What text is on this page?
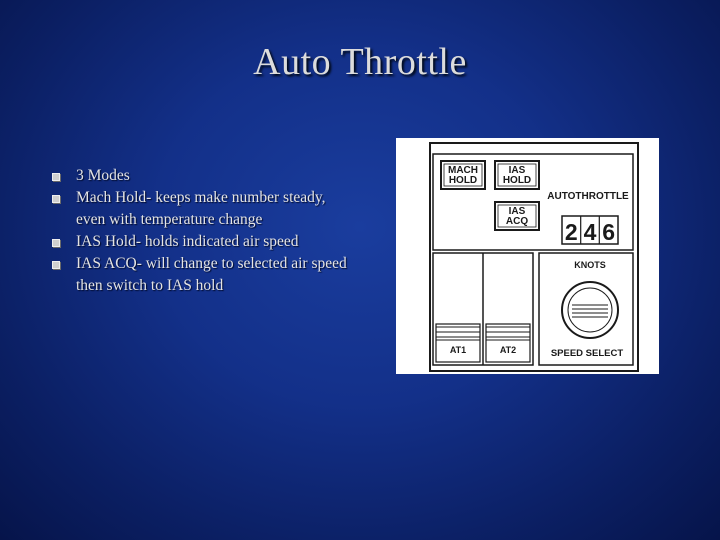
Auto Throttle
3 Modes
Mach Hold- keeps make number steady, even with temperature change
IAS Hold- holds indicated air speed
IAS ACQ- will change to selected air speed then switch to IAS hold
MACH
HOLD
IAS
HOLD
IAS
ACQ
AUTOTHROTTLE
2 4 6
AT1	AT2
KNOTS
SPEED SELECT
